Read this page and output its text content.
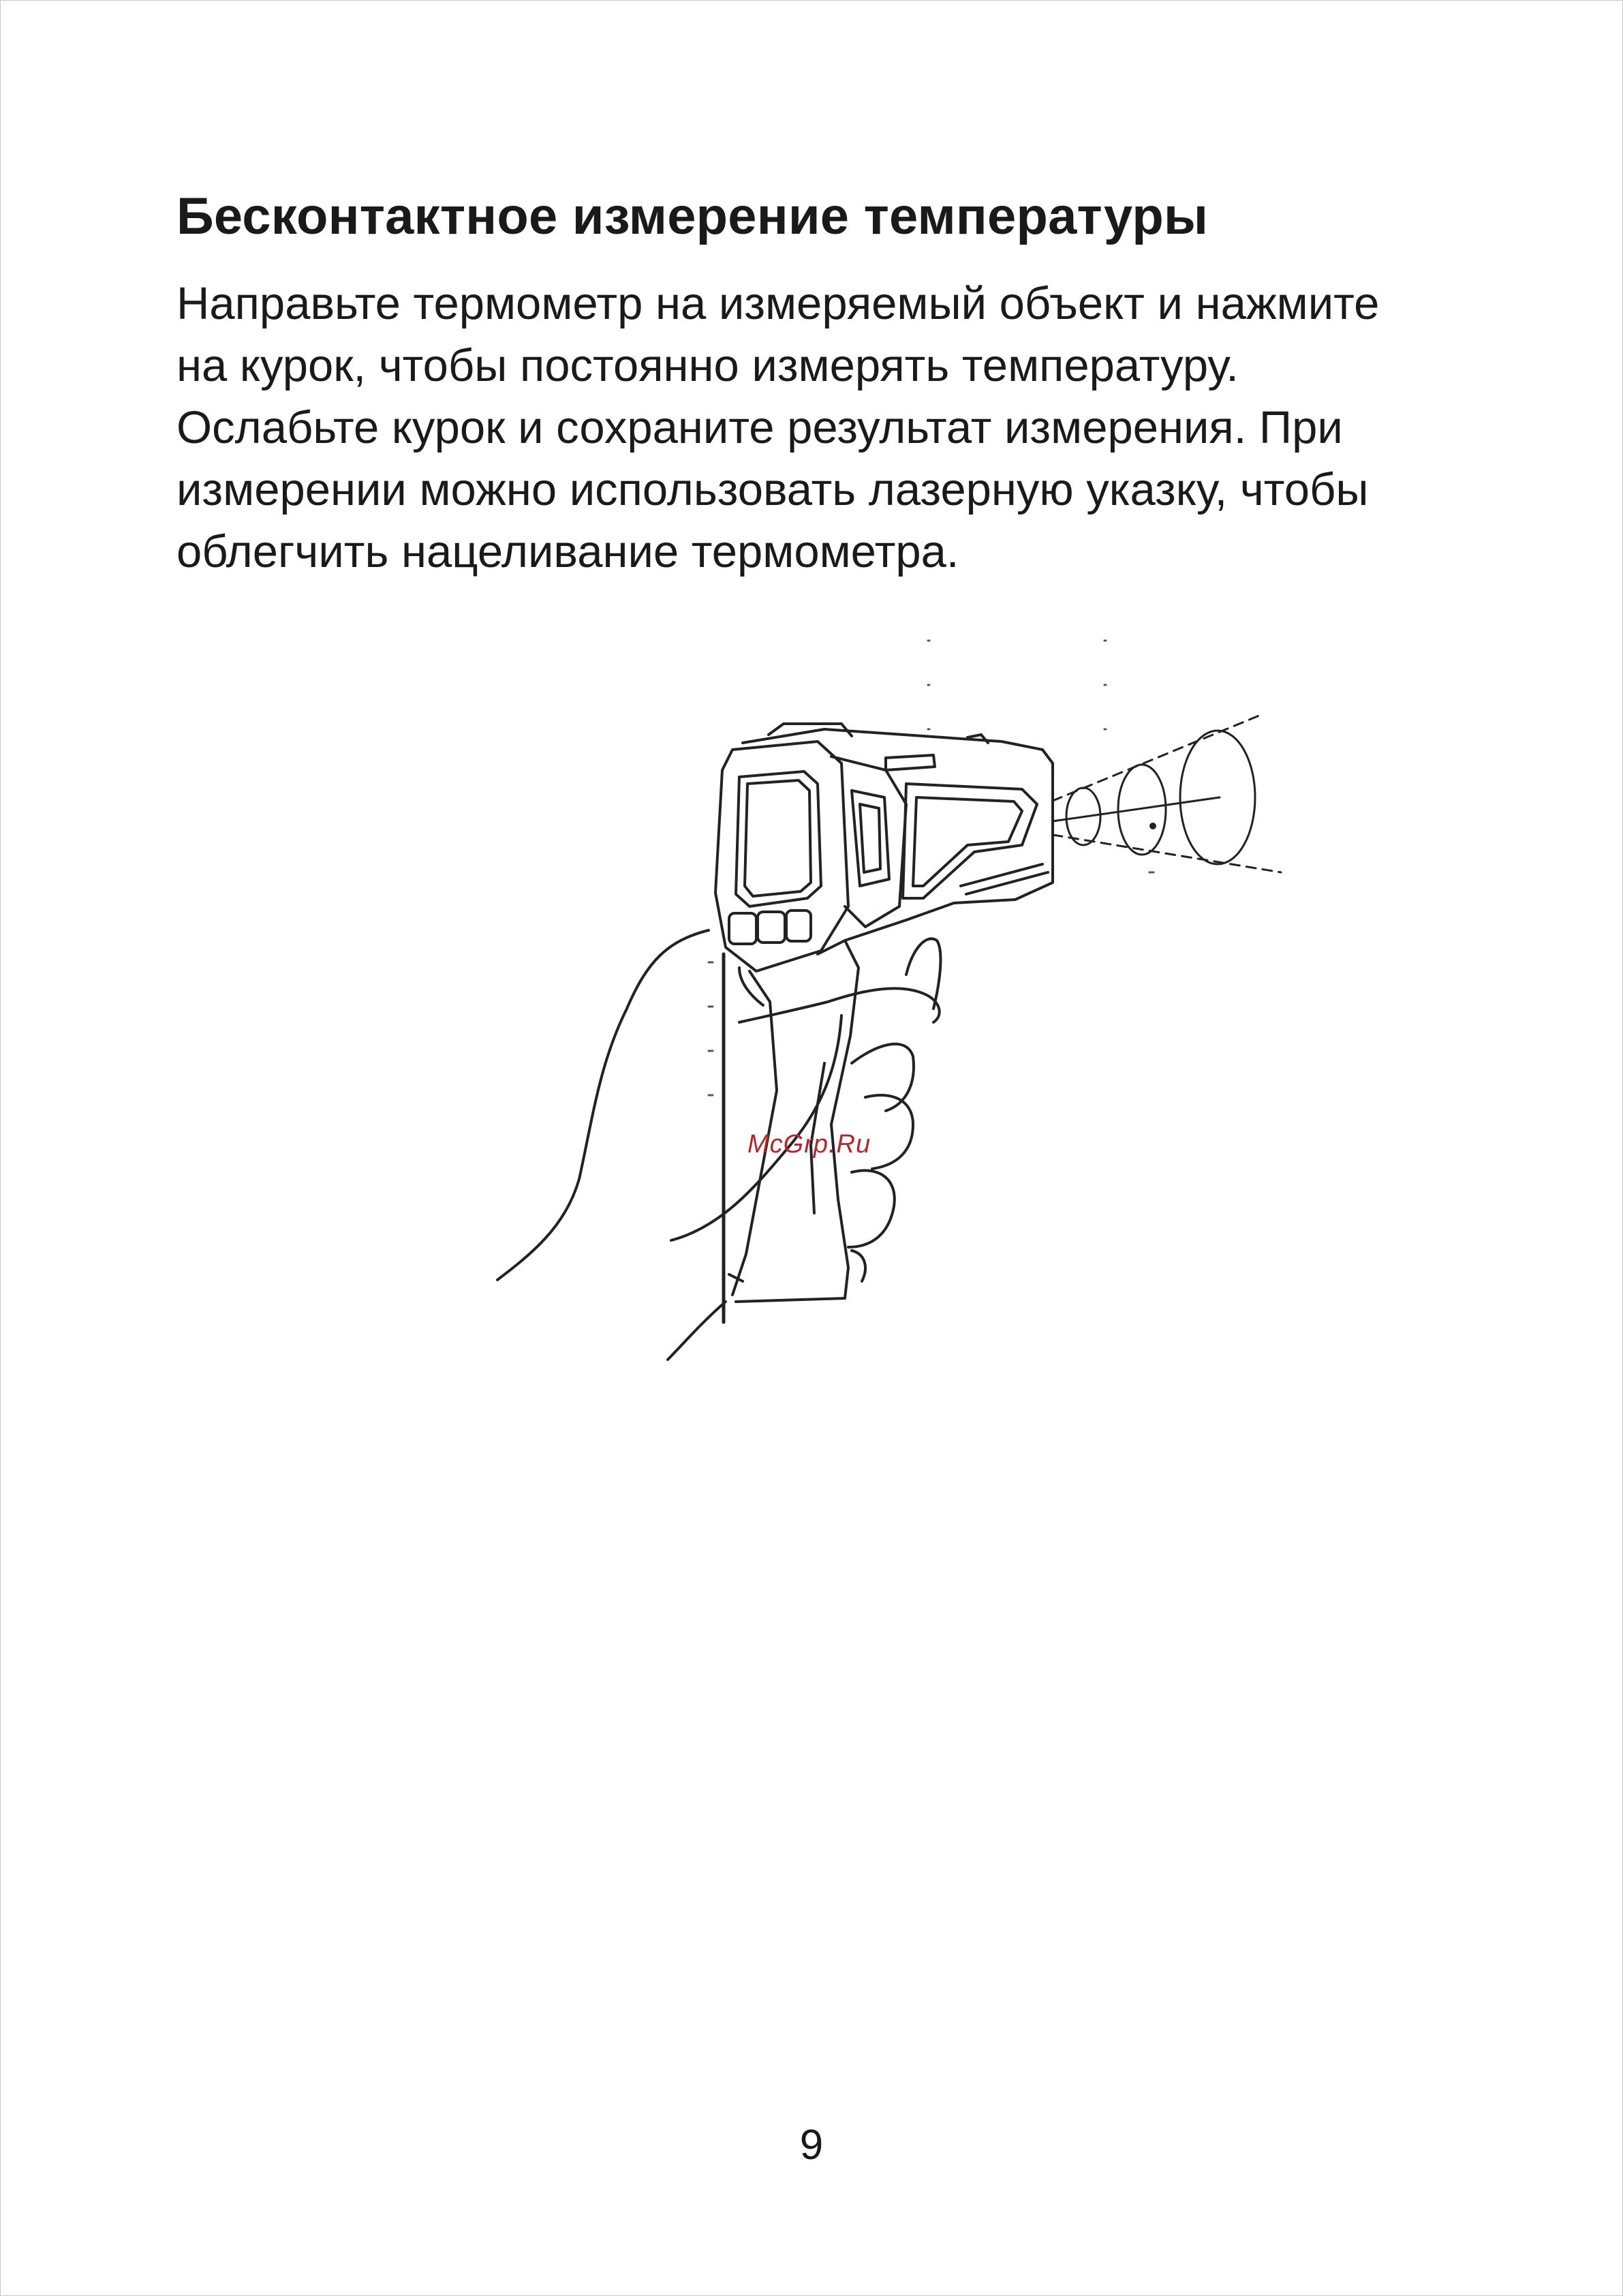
Бесконтактное измерение температуры

Направьте термометр на измеряемый объект и нажмите
на курок, чтобы постоянно измерять температуру.
Ослабьте курок и сохраните результат измерения. При
измерении можно использовать лазерную указку, чтобы
облегчить нацеливание термометра.

McGrp.Ru
9
